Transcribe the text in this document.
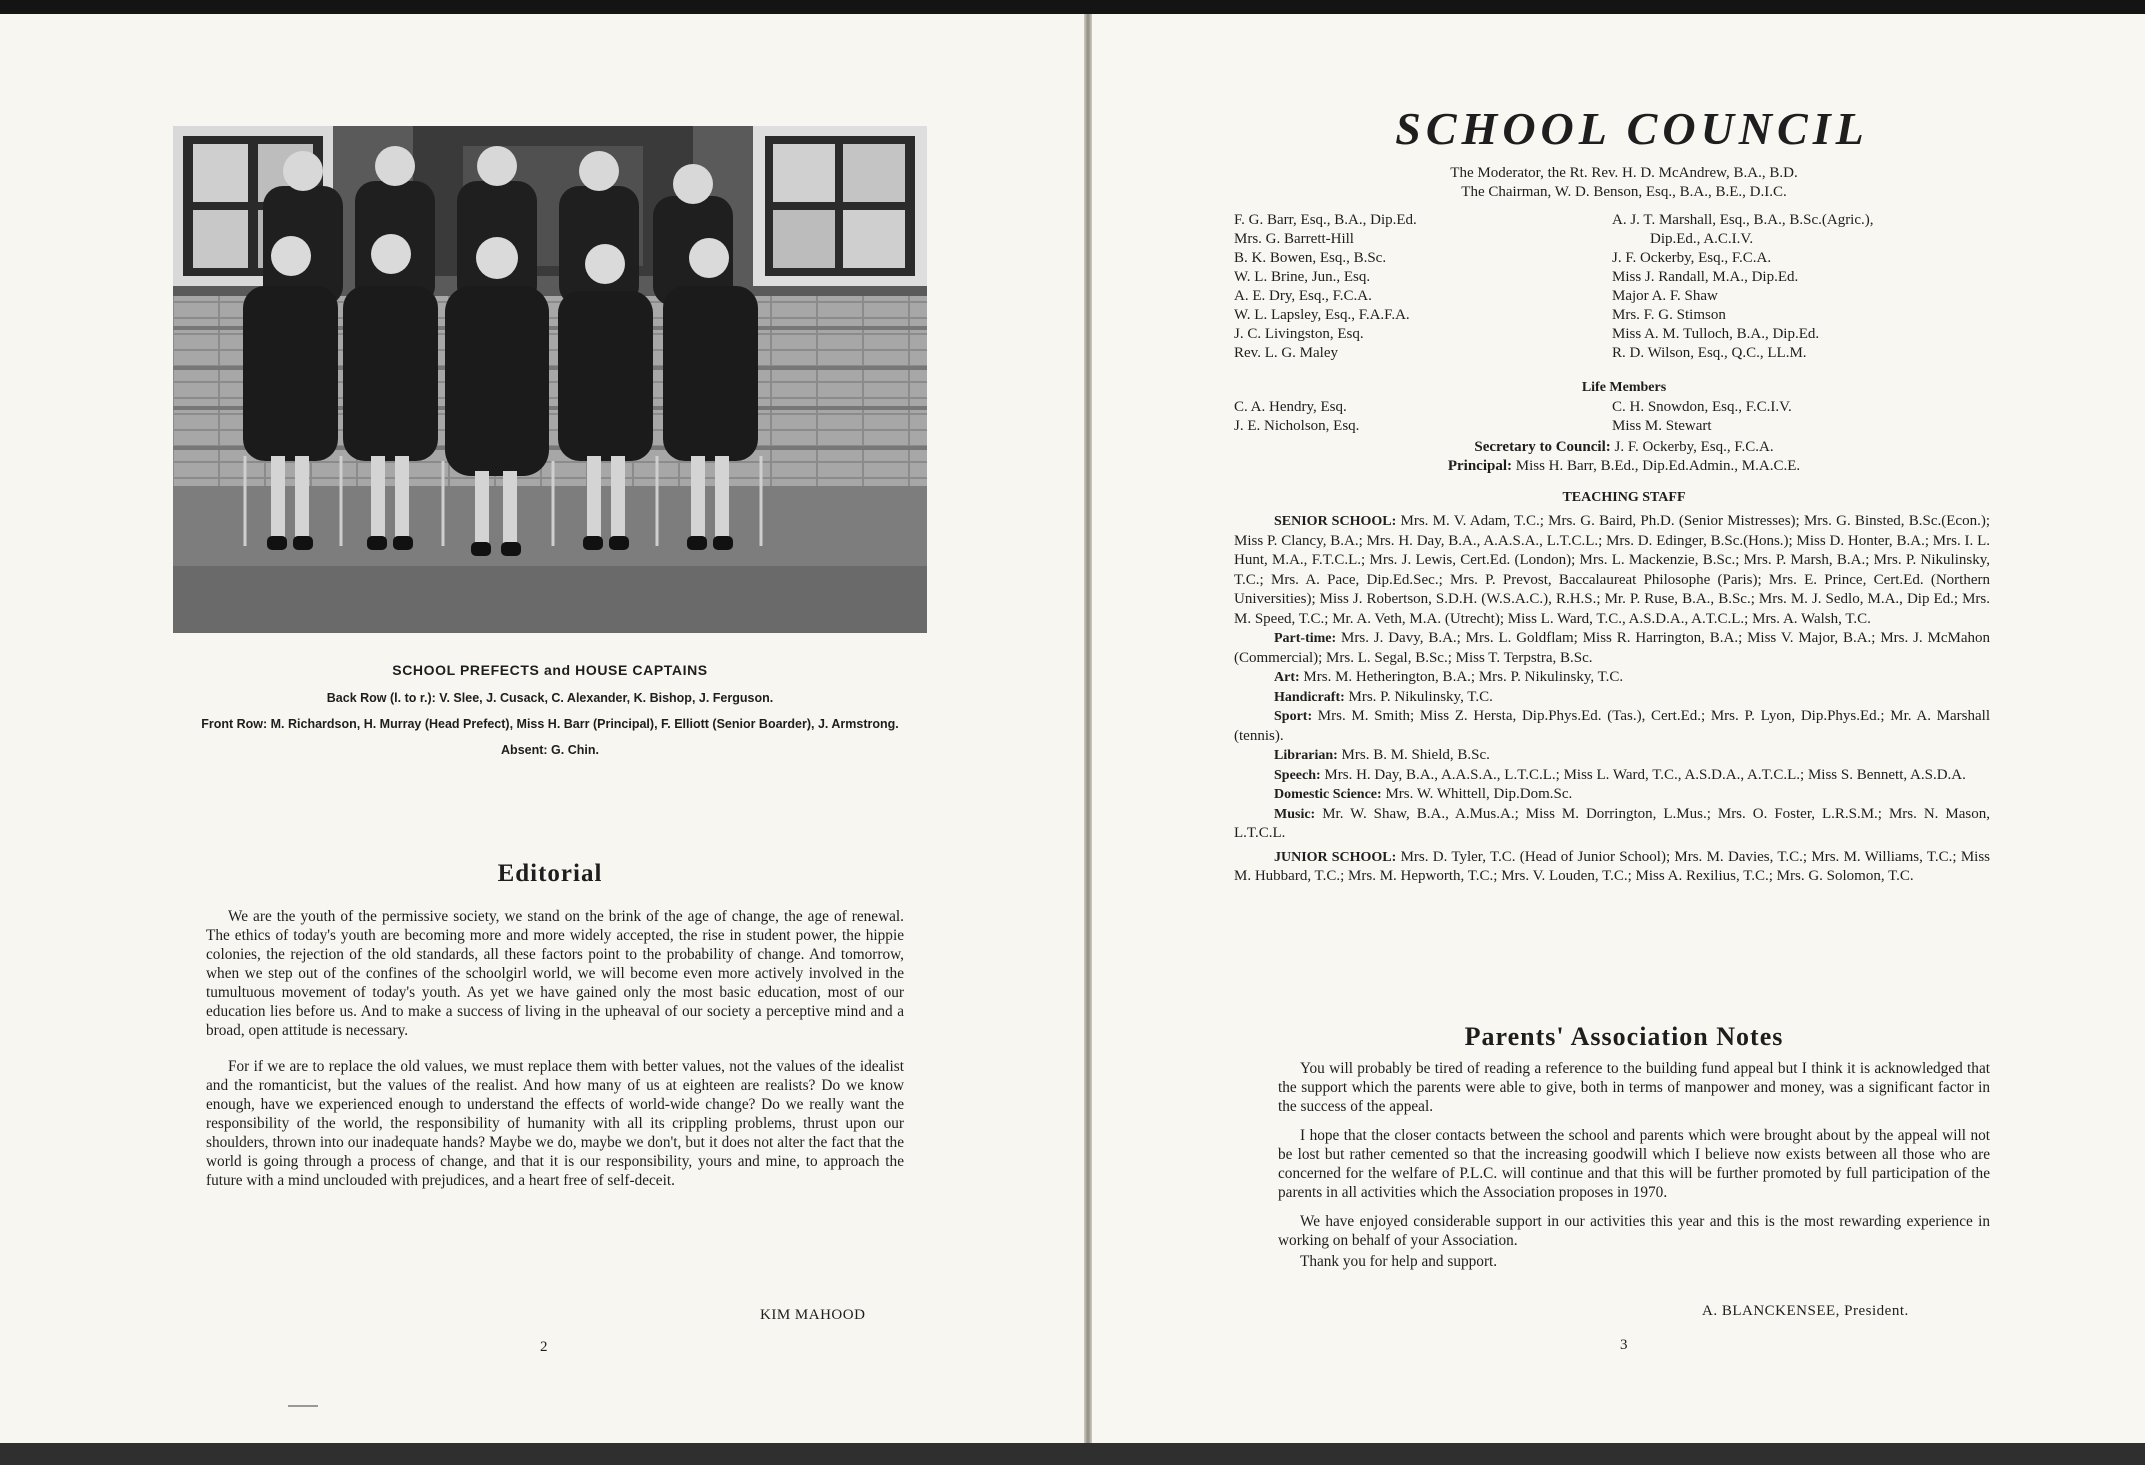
SCHOOL PREFECTS and HOUSE CAPTAINS
Back Row (l. to r.): V. Slee, J. Cusack, C. Alexander, K. Bishop, J. Ferguson.
Front Row: M. Richardson, H. Murray (Head Prefect), Miss H. Barr (Principal), F. Elliott (Senior Boarder), J. Armstrong.
Absent: G. Chin.
Editorial

We are the youth of the permissive society, we stand on the brink of the age of change, the age of renewal. The ethics of today's youth are becoming more and more widely accepted, the rise in student power, the hippie colonies, the rejection of the old standards, all these factors point to the probability of change. And tomorrow, when we step out of the confines of the schoolgirl world, we will become even more actively involved in the tumultuous movement of today's youth. As yet we have gained only the most basic education, most of our education lies before us. And to make a success of living in the upheaval of our society a perceptive mind and a broad, open attitude is necessary.

For if we are to replace the old values, we must replace them with better values, not the values of the idealist and the romanticist, but the values of the realist. And how many of us at eighteen are realists? Do we know enough, have we experienced enough to understand the effects of world-wide change? Do we really want the responsibility of the world, the responsibility of humanity with all its crippling problems, thrust upon our shoulders, thrown into our inadequate hands? Maybe we do, maybe we don't, but it does not alter the fact that the world is going through a process of change, and that it is our responsibility, yours and mine, to approach the future with a mind unclouded with prejudices, and a heart free of self-deceit.

KIM MAHOOD
2
SCHOOL COUNCIL
The Moderator, the Rt. Rev. H. D. McAndrew, B.A., B.D.
The Chairman, W. D. Benson, Esq., B.A., B.E., D.I.C.
F. G. Barr, Esq., B.A., Dip.Ed.
Mrs. G. Barrett-Hill
B. K. Bowen, Esq., B.Sc.
W. L. Brine, Jun., Esq.
A. E. Dry, Esq., F.C.A.
W. L. Lapsley, Esq., F.A.F.A.
J. C. Livingston, Esq.
Rev. L. G. Maley
A. J. T. Marshall, Esq., B.A., B.Sc.(Agric.),
Dip.Ed., A.C.I.V.
J. F. Ockerby, Esq., F.C.A.
Miss J. Randall, M.A., Dip.Ed.
Major A. F. Shaw
Mrs. F. G. Stimson
Miss A. M. Tulloch, B.A., Dip.Ed.
R. D. Wilson, Esq., Q.C., LL.M.
Life Members
C. A. Hendry, Esq.
J. E. Nicholson, Esq.
C. H. Snowdon, Esq., F.C.I.V.
Miss M. Stewart
Secretary to Council: J. F. Ockerby, Esq., F.C.A.
Principal: Miss H. Barr, B.Ed., Dip.Ed.Admin., M.A.C.E.
TEACHING STAFF

SENIOR SCHOOL: Mrs. M. V. Adam, T.C.; Mrs. G. Baird, Ph.D. (Senior Mistresses); Mrs. G. Binsted, B.Sc.(Econ.); Miss P. Clancy, B.A.; Mrs. H. Day, B.A., A.A.S.A., L.T.C.L.; Mrs. D. Edinger, B.Sc.(Hons.); Miss D. Honter, B.A.; Mrs. I. L. Hunt, M.A., F.T.C.L.; Mrs. J. Lewis, Cert.Ed. (London); Mrs. L. Mackenzie, B.Sc.; Mrs. P. Marsh, B.A.; Mrs. P. Nikulinsky, T.C.; Mrs. A. Pace, Dip.Ed.Sec.; Mrs. P. Prevost, Baccalaureat Philosophe (Paris); Mrs. E. Prince, Cert.Ed. (Northern Universities); Miss J. Robertson, S.D.H. (W.S.A.C.), R.H.S.; Mr. P. Ruse, B.A., B.Sc.; Mrs. M. J. Sedlo, M.A., Dip Ed.; Mrs. M. Speed, T.C.; Mr. A. Veth, M.A. (Utrecht); Miss L. Ward, T.C., A.S.D.A., A.T.C.L.; Mrs. A. Walsh, T.C.

Part-time: Mrs. J. Davy, B.A.; Mrs. L. Goldflam; Miss R. Harrington, B.A.; Miss V. Major, B.A.; Mrs. J. McMahon (Commercial); Mrs. L. Segal, B.Sc.; Miss T. Terpstra, B.Sc.

Art: Mrs. M. Hetherington, B.A.; Mrs. P. Nikulinsky, T.C.

Handicraft: Mrs. P. Nikulinsky, T.C.

Sport: Mrs. M. Smith; Miss Z. Hersta, Dip.Phys.Ed. (Tas.), Cert.Ed.; Mrs. P. Lyon, Dip.Phys.Ed.; Mr. A. Marshall (tennis).

Librarian: Mrs. B. M. Shield, B.Sc.

Speech: Mrs. H. Day, B.A., A.A.S.A., L.T.C.L.; Miss L. Ward, T.C., A.S.D.A., A.T.C.L.; Miss S. Bennett, A.S.D.A.

Domestic Science: Mrs. W. Whittell, Dip.Dom.Sc.

Music: Mr. W. Shaw, B.A., A.Mus.A.; Miss M. Dorrington, L.Mus.; Mrs. O. Foster, L.R.S.M.; Mrs. N. Mason, L.T.C.L.

JUNIOR SCHOOL: Mrs. D. Tyler, T.C. (Head of Junior School); Mrs. M. Davies, T.C.; Mrs. M. Williams, T.C.; Miss M. Hubbard, T.C.; Mrs. M. Hepworth, T.C.; Mrs. V. Louden, T.C.; Miss A. Rexilius, T.C.; Mrs. G. Solomon, T.C.

Parents' Association Notes

You will probably be tired of reading a reference to the building fund appeal but I think it is acknowledged that the support which the parents were able to give, both in terms of manpower and money, was a significant factor in the success of the appeal.

I hope that the closer contacts between the school and parents which were brought about by the appeal will not be lost but rather cemented so that the increasing goodwill which I believe now exists between all those who are concerned for the welfare of P.L.C. will continue and that this will be further promoted by full participation of the parents in all activities which the Association proposes in 1970.

We have enjoyed considerable support in our activities this year and this is the most rewarding experience in working on behalf of your Association.

Thank you for help and support.

A. BLANCKENSEE, President.
3
